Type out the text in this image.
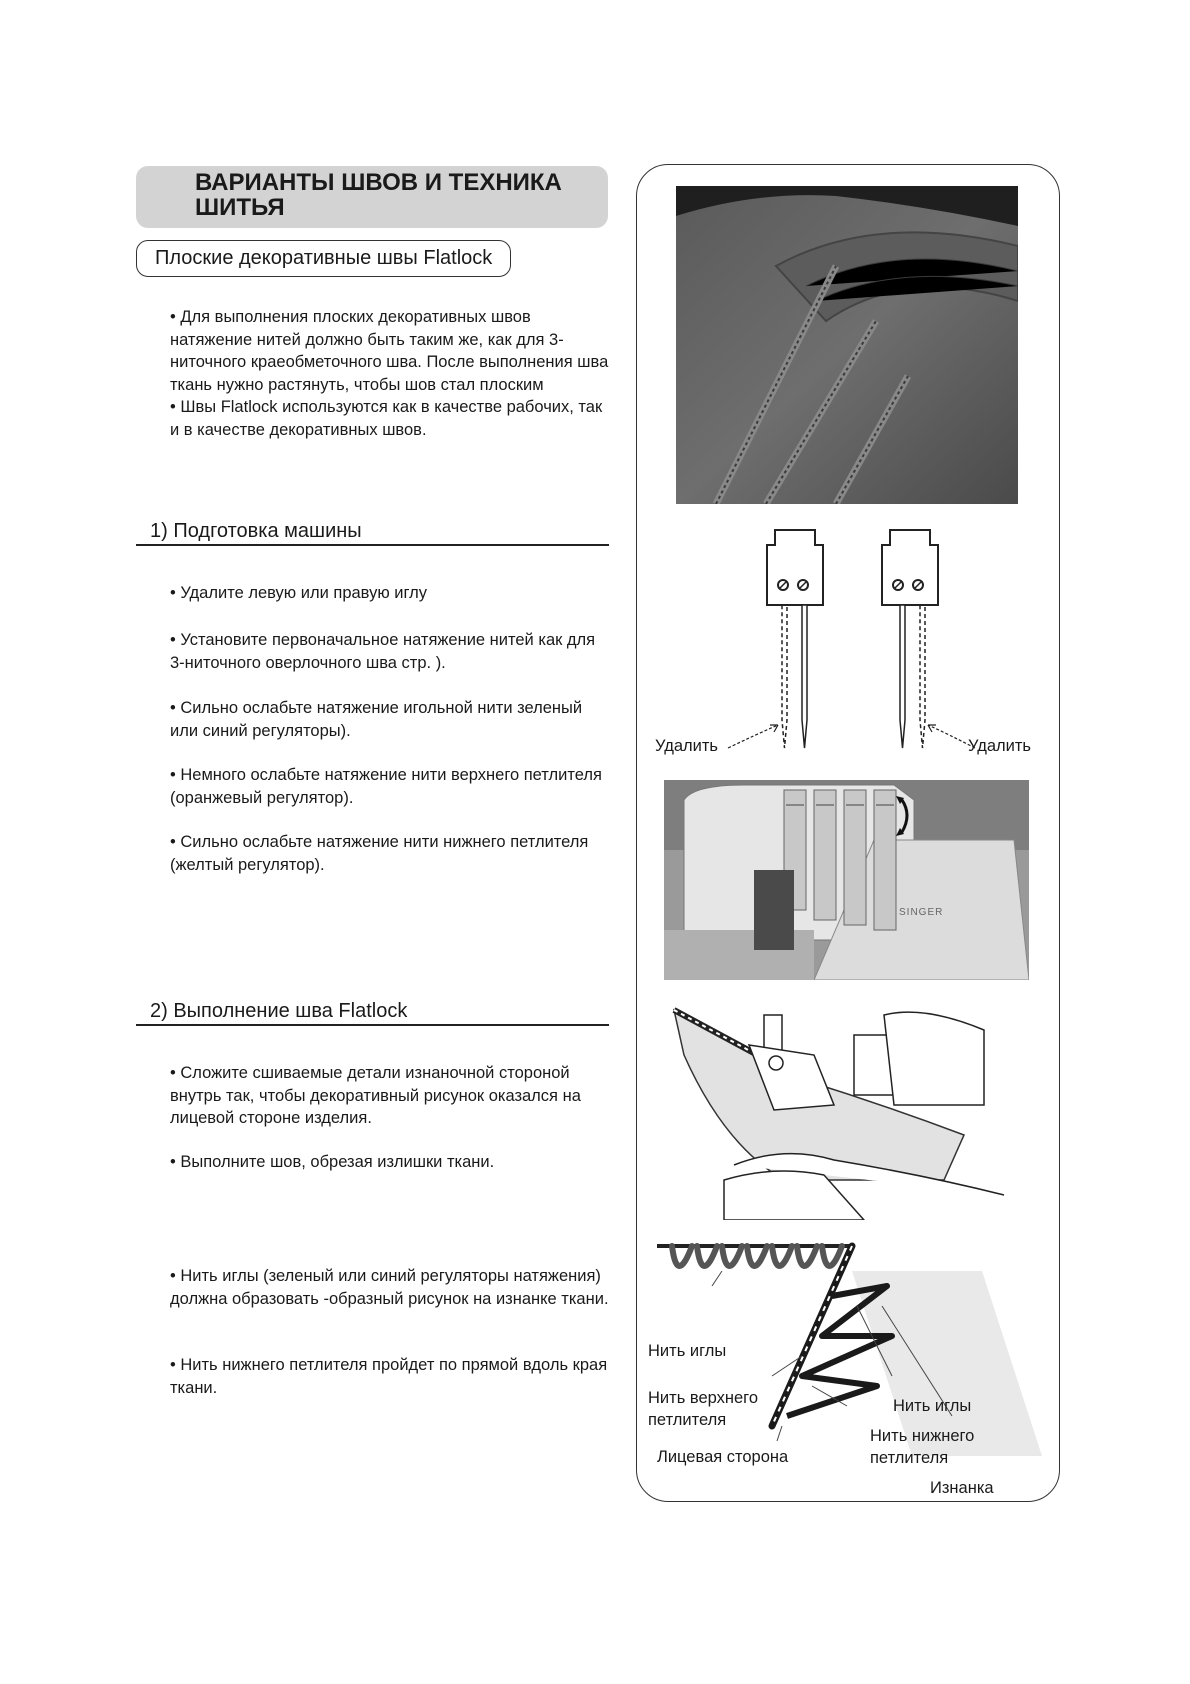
ВАРИАНТЫ ШВОВ И ТЕХНИКА ШИТЬЯ
Плоские декоративные швы Flatlock

• Для выполнения плоских декоративных швов натяжение нитей должно быть таким же, как для 3-ниточного краеобметочного шва. После выполнения шва ткань нужно растянуть, чтобы шов стал плоским

• Швы Flatlock используются как в качестве рабочих, так и в качестве декоративных швов.

1) Подготовка машины
• Удалите левую или правую иглу
• Установите первоначальное натяжение нитей как для 3-ниточного оверлочного шва стр. ).
• Сильно ослабьте натяжение игольной нити зеленый или синий регуляторы).
• Немного ослабьте натяжение нити верхнего петлителя (оранжевый регулятор).
• Сильно ослабьте натяжение нити нижнего петлителя (желтый регулятор).
2) Выполнение шва Flatlock
• Сложите сшиваемые детали изнаночной стороной внутрь так, чтобы декоративный рисунок оказался на лицевой стороне изделия.
• Выполните шов, обрезая излишки ткани.
• Нить иглы (зеленый или синий регуляторы натяжения) должна образовать -образный рисунок на изнанке ткани.
• Нить нижнего петлителя пройдет по прямой вдоль края ткани.
Удалить	Удалить
SINGER
Нить иглы
Нить верхнего
петлителя
Лицевая сторона
Нить иглы
Нить нижнего
петлителя
Изнанка
